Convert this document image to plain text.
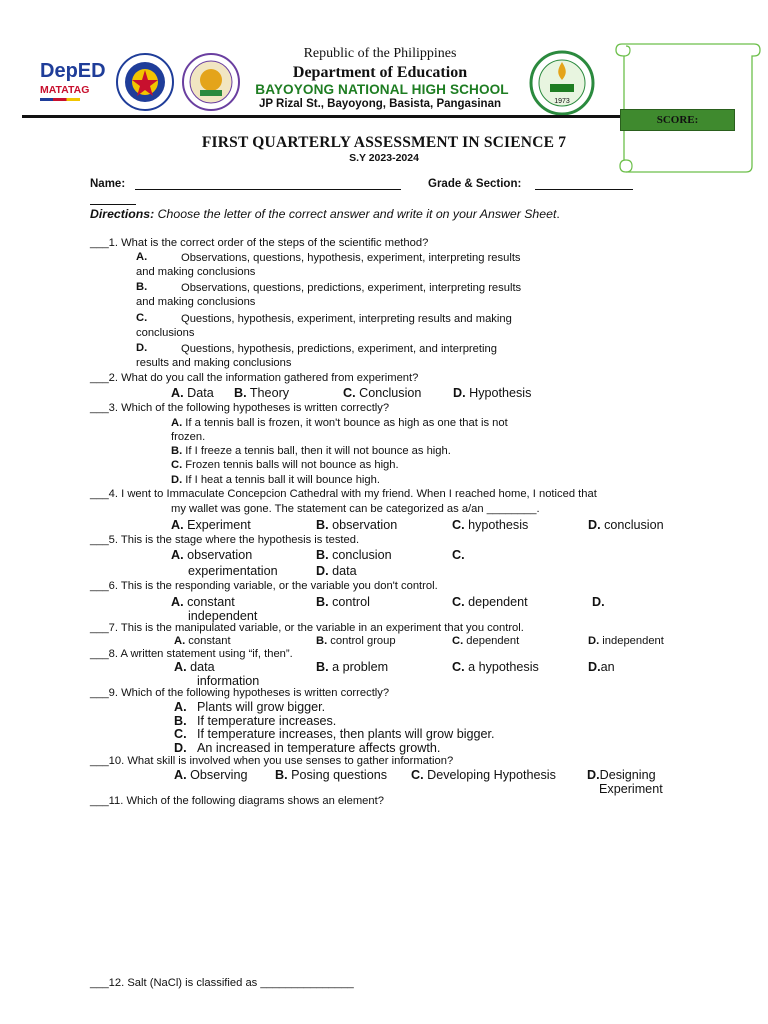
DepED
MATATAG
Republic of the Philippines
Department of Education
BAYOYONG NATIONAL HIGH SCHOOL
JP Rizal St., Bayoyong, Basista, Pangasinan	1973
SCORE:
FIRST QUARTERLY ASSESSMENT IN SCIENCE 7
S.Y 2023-2024
Name:	Grade & Section:
Directions: Choose the letter of the correct answer and write it on your Answer Sheet.
___1. What is the correct order of the steps of the scientific method?
A.	Observations, questions, hypothesis, experiment, interpreting results
and making conclusions
B.	Observations, questions, predictions, experiment, interpreting results
and making conclusions
C.	Questions, hypothesis, experiment, interpreting results and making
conclusions
D.	Questions, hypothesis, predictions, experiment, and interpreting
results and making conclusions
___2. What do you call the information gathered from experiment?
A. Data B. Theory	C. Conclusion	D. Hypothesis
___3. Which of the following hypotheses is written correctly?
A. If a tennis ball is frozen, it won't bounce as high as one that is not
frozen.
B. If I freeze a tennis ball, then it will not bounce as high.
C. Frozen tennis balls will not bounce as high.
D. If I heat a tennis ball it will bounce high.
___4. I went to Immaculate Concepcion Cathedral with my friend. When I reached home, I noticed that
my wallet was gone. The statement can be categorized as a/an ________.
A. Experiment	B. observation	C. hypothesis	D. conclusion
___5. This is the stage where the hypothesis is tested.
A. observation	B. conclusion	C.
experimentation	D. data
___6. This is the responding variable, or the variable you don't control.
A. constant	B. control	C. dependent	D.
independent
___7. This is the manipulated variable, or the variable in an experiment that you control.
A. constant	B. control group	C. dependent	D. independent
___8. A written statement using “if, then”.
A. data
information
B. a problem	C. a hypothesis	D.an
___9. Which of the following hypotheses is written correctly?
A. Plants will grow bigger.
B. If temperature increases.
C. If temperature increases, then plants will grow bigger.
D. An increased in temperature affects growth.
___10. What skill is involved when you use senses to gather information?
A. Observing B. Posing questions C. Developing Hypothesis D.Designing
Experiment
___11. Which of the following diagrams shows an element?
___12. Salt (NaCl) is classified as _______________
